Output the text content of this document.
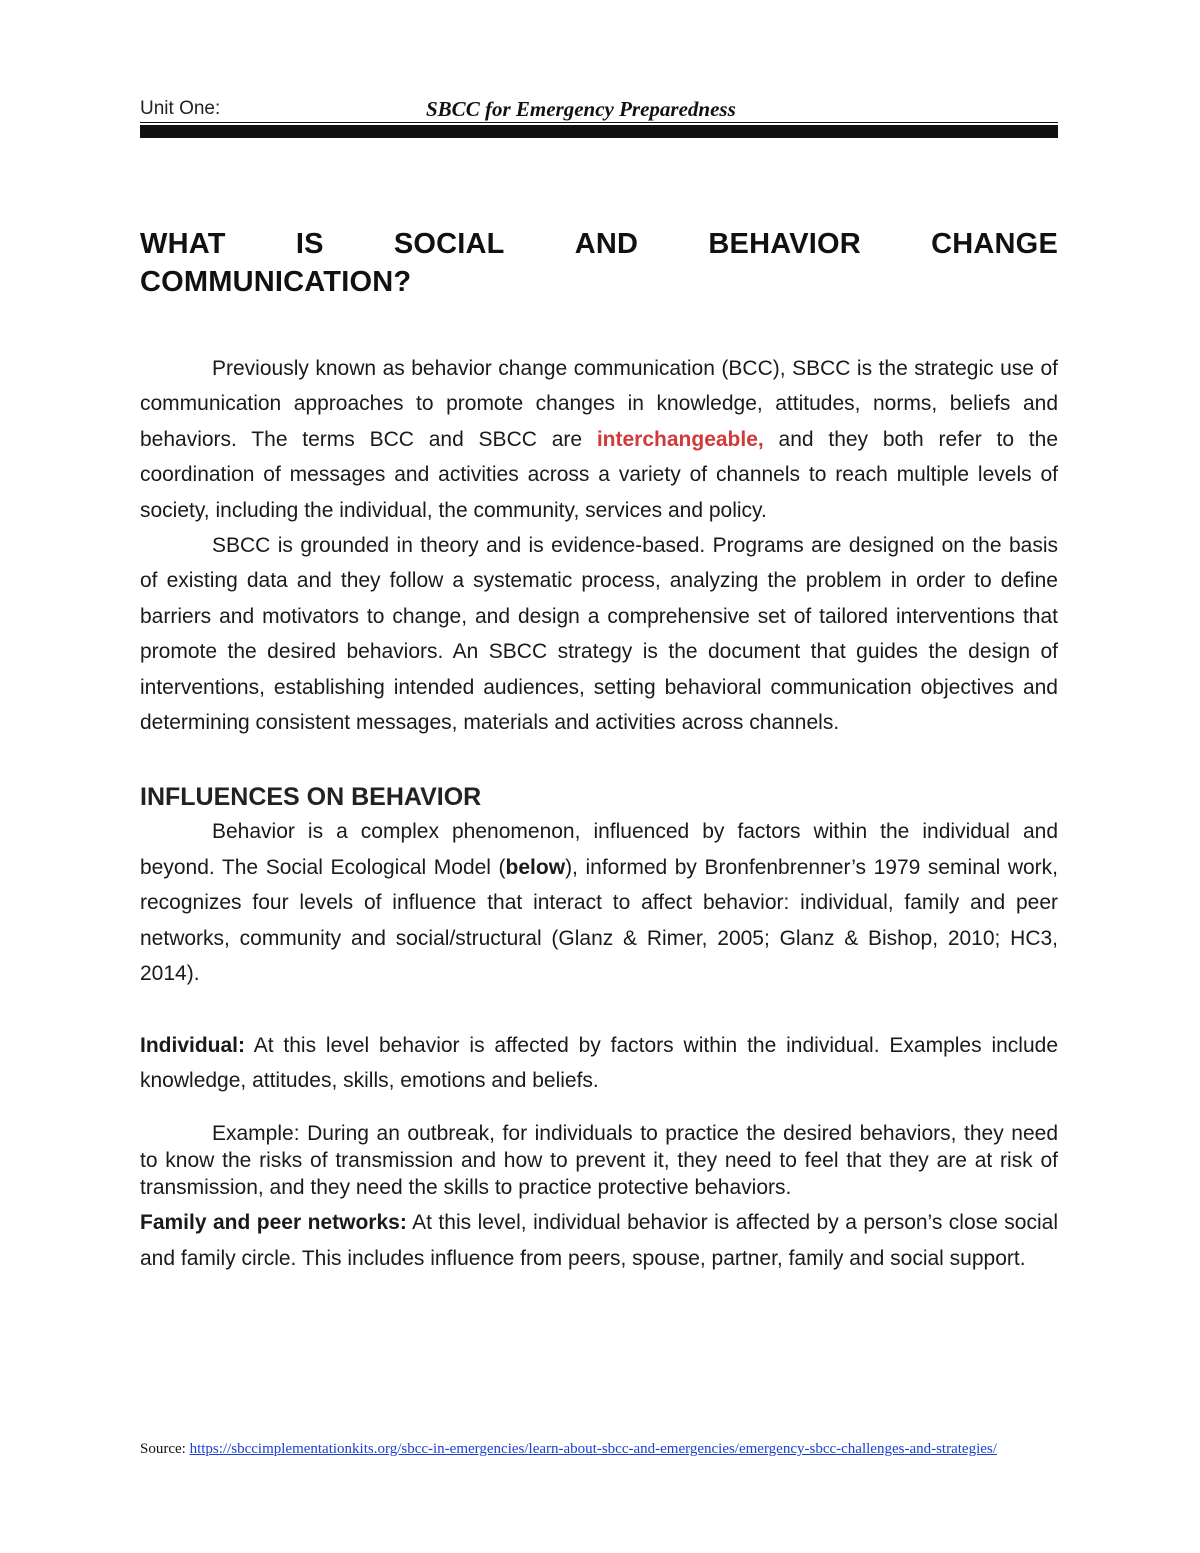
Unit One:	SBCC for Emergency Preparedness
WHAT IS SOCIAL AND BEHAVIOR CHANGE
COMMUNICATION?

Previously known as behavior change communication (BCC), SBCC is the strategic use of communication approaches to promote changes in knowledge, attitudes, norms, beliefs and behaviors. The terms BCC and SBCC are interchangeable, and they both refer to the coordination of messages and activities across a variety of channels to reach multiple levels of society, including the individual, the community, services and policy.

SBCC is grounded in theory and is evidence-based. Programs are designed on the basis of existing data and they follow a systematic process, analyzing the problem in order to define barriers and motivators to change, and design a comprehensive set of tailored interventions that promote the desired behaviors. An SBCC strategy is the document that guides the design of interventions, establishing intended audiences, setting behavioral communication objectives and determining consistent messages, materials and activities across channels.

INFLUENCES ON BEHAVIOR

Behavior is a complex phenomenon, influenced by factors within the individual and beyond. The Social Ecological Model (below), informed by Bronfenbrenner’s 1979 seminal work, recognizes four levels of influence that interact to affect behavior: individual, family and peer networks, community and social/structural (Glanz & Rimer, 2005; Glanz & Bishop, 2010; HC3, 2014).

Individual: At this level behavior is affected by factors within the individual. Examples include knowledge, attitudes, skills, emotions and beliefs.

Example: During an outbreak, for individuals to practice the desired behaviors, they need to know the risks of transmission and how to prevent it, they need to feel that they are at risk of transmission, and they need the skills to practice protective behaviors.

Family and peer networks: At this level, individual behavior is affected by a person’s close social and family circle. This includes influence from peers, spouse, partner, family and social support.

Source: https://sbccimplementationkits.org/sbcc-in-emergencies/learn-about-sbcc-and-emergencies/emergency-sbcc-challenges-and-strategies/
